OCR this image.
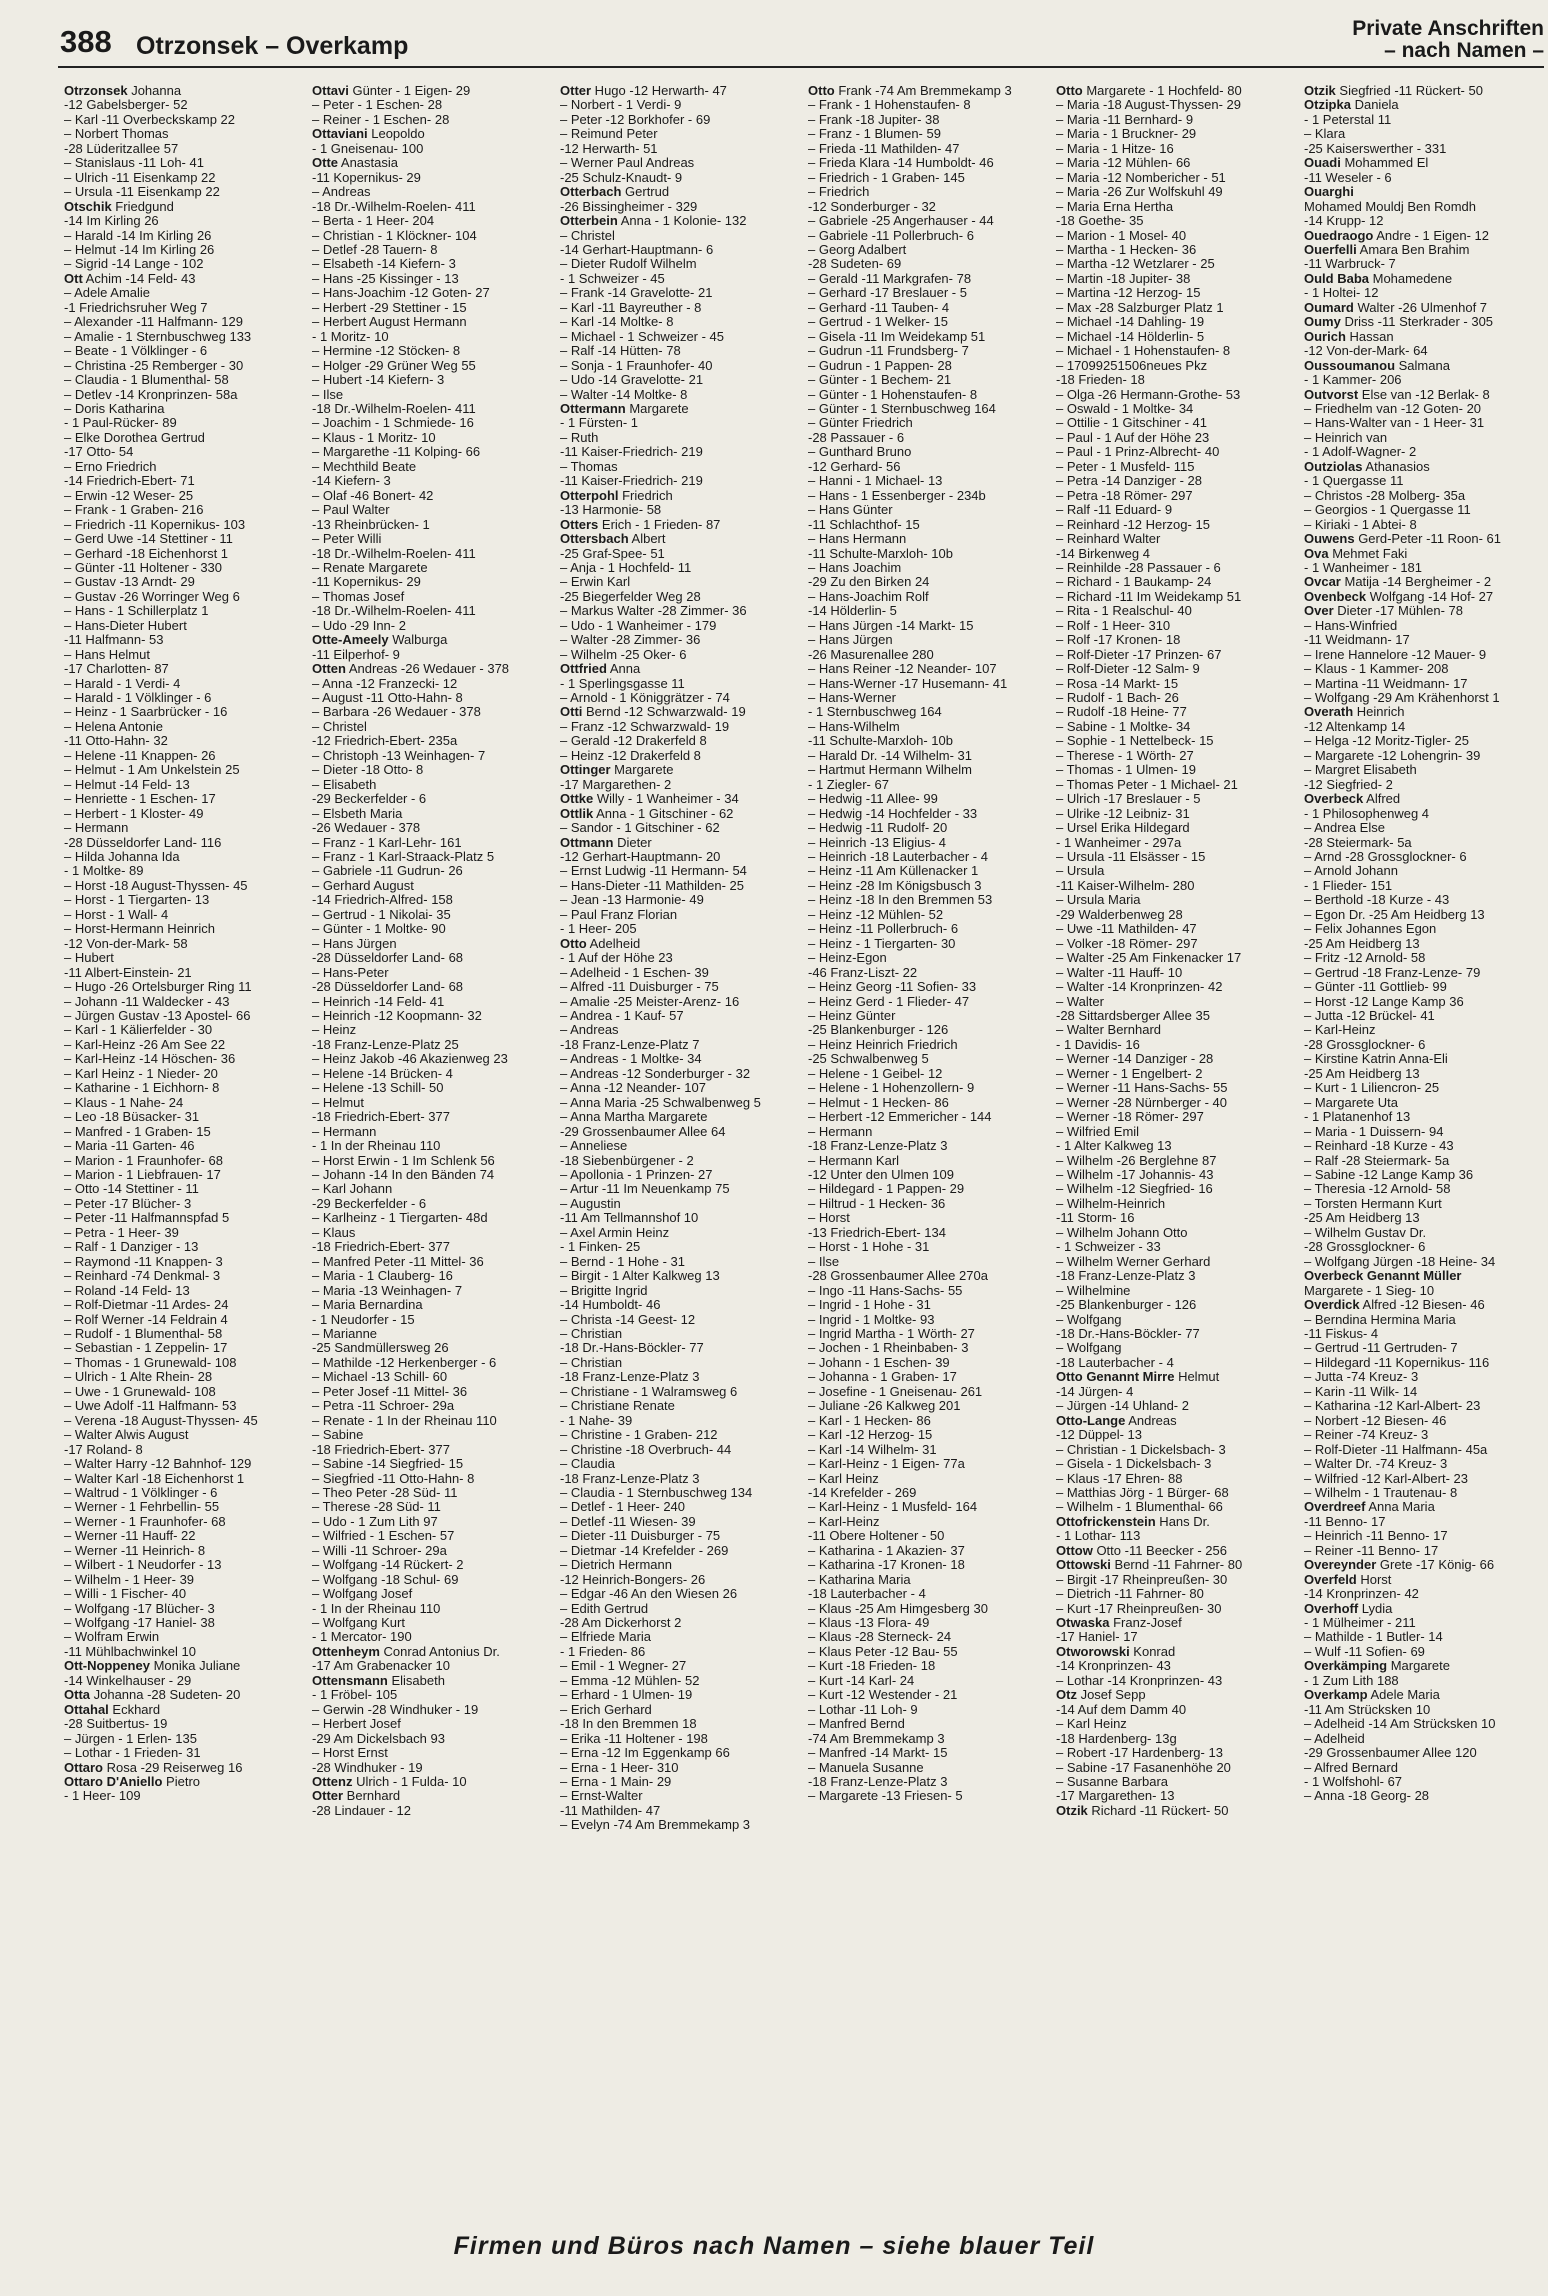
388 Otrzonsek – Overkamp
Private Anschriften
– nach Namen –
Otrzonsek Johanna
-12 Gabelsberger- 52
– Karl -11 Overbeckskamp 22
– Norbert Thomas
-28 Lüderitzallee 57
– Stanislaus -11 Loh- 41
– Ulrich -11 Eisenkamp 22
– Ursula -11 Eisenkamp 22
Otschik Friedgund
-14 Im Kirling 26
– Harald -14 Im Kirling 26
– Helmut -14 Im Kirling 26
– Sigrid -14 Lange - 102
Ott Achim -14 Feld- 43
– Adele Amalie
-1 Friedrichsruher Weg 7
– Alexander -11 Halfmann- 129
– Amalie - 1 Sternbuschweg 133
– Beate - 1 Völklinger - 6
– Christina -25 Remberger - 30
– Claudia - 1 Blumenthal- 58
– Detlev -14 Kronprinzen- 58a
– Doris Katharina
- 1 Paul-Rücker- 89
– Elke Dorothea Gertrud
-17 Otto- 54
– Erno Friedrich
-14 Friedrich-Ebert- 71
– Erwin -12 Weser- 25
– Frank - 1 Graben- 216
– Friedrich -11 Kopernikus- 103
– Gerd Uwe -14 Stettiner - 11
– Gerhard -18 Eichenhorst 1
– Günter -11 Holtener - 330
– Gustav -13 Arndt- 29
– Gustav -26 Worringer Weg 6
– Hans - 1 Schillerplatz 1
– Hans-Dieter Hubert
-11 Halfmann- 53
– Hans Helmut
-17 Charlotten- 87
– Harald - 1 Verdi- 4
– Harald - 1 Völklinger - 6
– Heinz - 1 Saarbrücker - 16
– Helena Antonie
-11 Otto-Hahn- 32
– Helene -11 Knappen- 26
– Helmut - 1 Am Unkelstein 25
– Helmut -14 Feld- 13
– Henriette - 1 Eschen- 17
– Herbert - 1 Kloster- 49
– Hermann
-28 Düsseldorfer Land- 116
– Hilda Johanna Ida
- 1 Moltke- 89
– Horst -18 August-Thyssen- 45
– Horst - 1 Tiergarten- 13
– Horst - 1 Wall- 4
– Horst-Hermann Heinrich
-12 Von-der-Mark- 58
– Hubert
-11 Albert-Einstein- 21
– Hugo -26 Ortelsburger Ring 11
– Johann -11 Waldecker - 43
– Jürgen Gustav -13 Apostel- 66
– Karl - 1 Kälierfelder - 30
– Karl-Heinz -26 Am See 22
– Karl-Heinz -14 Höschen- 36
– Karl Heinz - 1 Nieder- 20
– Katharine - 1 Eichhorn- 8
– Klaus - 1 Nahe- 24
– Leo -18 Büsacker- 31
– Manfred - 1 Graben- 15
– Maria -11 Garten- 46
– Marion - 1 Fraunhofer- 68
– Marion - 1 Liebfrauen- 17
– Otto -14 Stettiner - 11
– Peter -17 Blücher- 3
– Peter -11 Halfmannspfad 5
– Petra - 1 Heer- 39
– Ralf - 1 Danziger - 13
– Raymond -11 Knappen- 3
– Reinhard -74 Denkmal- 3
– Roland -14 Feld- 13
– Rolf-Dietmar -11 Ardes- 24
– Rolf Werner -14 Feldrain 4
– Rudolf - 1 Blumenthal- 58
– Sebastian - 1 Zeppelin- 17
– Thomas - 1 Grunewald- 108
– Ulrich - 1 Alte Rhein- 28
– Uwe - 1 Grunewald- 108
– Uwe Adolf -11 Halfmann- 53
– Verena -18 August-Thyssen- 45
– Walter Alwis August
-17 Roland- 8
– Walter Harry -12 Bahnhof- 129
– Walter Karl -18 Eichenhorst 1
– Waltrud - 1 Völklinger - 6
– Werner - 1 Fehrbellin- 55
– Werner - 1 Fraunhofer- 68
– Werner -11 Hauff- 22
– Werner -11 Heinrich- 8
– Wilbert - 1 Neudorfer - 13
– Wilhelm - 1 Heer- 39
– Willi - 1 Fischer- 40
– Wolfgang -17 Blücher- 3
– Wolfgang -17 Haniel- 38
– Wolfram Erwin
-11 Mühlbachwinkel 10
Ott-Noppeney Monika Juliane
-14 Winkelhauser - 29
Otta Johanna -28 Sudeten- 20
Ottahal Eckhard
-28 Suitbertus- 19
– Jürgen - 1 Erlen- 135
– Lothar - 1 Frieden- 31
Ottaro Rosa -29 Reiserweg 16
Ottaro D'Aniello Pietro
- 1 Heer- 109
Ottavi Günter - 1 Eigen- 29
– Peter - 1 Eschen- 28
– Reiner - 1 Eschen- 28
Ottaviani Leopoldo
- 1 Gneisenau- 100
Otte Anastasia
-11 Kopernikus- 29
– Andreas
-18 Dr.-Wilhelm-Roelen- 411
– Berta - 1 Heer- 204
– Christian - 1 Klöckner- 104
– Detlef -28 Tauern- 8
– Elsabeth -14 Kiefern- 3
– Hans -25 Kissinger - 13
– Hans-Joachim -12 Goten- 27
– Herbert -29 Stettiner - 15
– Herbert August Hermann
- 1 Moritz- 10
– Hermine -12 Stöcken- 8
– Holger -29 Grüner Weg 55
– Hubert -14 Kiefern- 3
– Ilse
-18 Dr.-Wilhelm-Roelen- 411
– Joachim - 1 Schmiede- 16
– Klaus - 1 Moritz- 10
– Margarethe -11 Kolping- 66
– Mechthild Beate
-14 Kiefern- 3
– Olaf -46 Bonert- 42
– Paul Walter
-13 Rheinbrücken- 1
– Peter Willi
-18 Dr.-Wilhelm-Roelen- 411
– Renate Margarete
-11 Kopernikus- 29
– Thomas Josef
-18 Dr.-Wilhelm-Roelen- 411
– Udo -29 Inn- 2
Otte-Ameely Walburga
-11 Eilperhof- 9
Otten Andreas -26 Wedauer - 378
– Anna -12 Franzecki- 12
– August -11 Otto-Hahn- 8
– Barbara -26 Wedauer - 378
– Christel
-12 Friedrich-Ebert- 235a
– Christoph -13 Weinhagen- 7
– Dieter -18 Otto- 8
– Elisabeth
-29 Beckerfelder - 6
– Elsbeth Maria
-26 Wedauer - 378
– Franz - 1 Karl-Lehr- 161
– Franz - 1 Karl-Straack-Platz 5
– Gabriele -11 Gudrun- 26
– Gerhard August
-14 Friedrich-Alfred- 158
– Gertrud - 1 Nikolai- 35
– Günter - 1 Moltke- 90
– Hans Jürgen
-28 Düsseldorfer Land- 68
– Hans-Peter
-28 Düsseldorfer Land- 68
– Heinrich -14 Feld- 41
– Heinrich -12 Koopmann- 32
– Heinz
-18 Franz-Lenze-Platz 25
– Heinz Jakob -46 Akazienweg 23
– Helene -14 Brücken- 4
– Helene -13 Schill- 50
– Helmut
-18 Friedrich-Ebert- 377
– Hermann
- 1 In der Rheinau 110
– Horst Erwin - 1 Im Schlenk 56
– Johann -14 In den Bänden 74
– Karl Johann
-29 Beckerfelder - 6
– Karlheinz - 1 Tiergarten- 48d
– Klaus
-18 Friedrich-Ebert- 377
– Manfred Peter -11 Mittel- 36
– Maria - 1 Clauberg- 16
– Maria -13 Weinhagen- 7
– Maria Bernardina
- 1 Neudorfer - 15
– Marianne
-25 Sandmüllersweg 26
– Mathilde -12 Herkenberger - 6
– Michael -13 Schill- 60
– Peter Josef -11 Mittel- 36
– Petra -11 Schroer- 29a
– Renate - 1 In der Rheinau 110
– Sabine
-18 Friedrich-Ebert- 377
– Sabine -14 Siegfried- 15
– Siegfried -11 Otto-Hahn- 8
– Theo Peter -28 Süd- 11
– Therese -28 Süd- 11
– Udo - 1 Zum Lith 97
– Wilfried - 1 Eschen- 57
– Willi -11 Schroer- 29a
– Wolfgang -14 Rückert- 2
– Wolfgang -18 Schul- 69
– Wolfgang Josef
- 1 In der Rheinau 110
– Wolfgang Kurt
- 1 Mercator- 190
Ottenheym Conrad Antonius Dr.
-17 Am Grabenacker 10
Ottensmann Elisabeth
- 1 Fröbel- 105
– Gerwin -28 Windhuker - 19
– Herbert Josef
-29 Am Dickelsbach 93
– Horst Ernst
-28 Windhuker - 19
Ottenz Ulrich - 1 Fulda- 10
Otter Bernhard
-28 Lindauer - 12
Otter Hugo -12 Herwarth- 47
– Norbert - 1 Verdi- 9
– Peter -12 Borkhofer - 69
– Reimund Peter
-12 Herwarth- 51
– Werner Paul Andreas
-25 Schulz-Knaudt- 9
Otterbach Gertrud
-26 Bissingheimer - 329
Otterbein Anna - 1 Kolonie- 132
– Christel
-14 Gerhart-Hauptmann- 6
– Dieter Rudolf Wilhelm
- 1 Schweizer - 45
– Frank -14 Gravelotte- 21
– Karl -11 Bayreuther - 8
– Karl -14 Moltke- 8
– Michael - 1 Schweizer - 45
– Ralf -14 Hütten- 78
– Sonja - 1 Fraunhofer- 40
– Udo -14 Gravelotte- 21
– Walter -14 Moltke- 8
Ottermann Margarete
- 1 Fürsten- 1
– Ruth
-11 Kaiser-Friedrich- 219
– Thomas
-11 Kaiser-Friedrich- 219
Otterpohl Friedrich
-13 Harmonie- 58
Otters Erich - 1 Frieden- 87
Ottersbach Albert
-25 Graf-Spee- 51
– Anja - 1 Hochfeld- 11
– Erwin Karl
-25 Biegerfelder Weg 28
– Markus Walter -28 Zimmer- 36
– Udo - 1 Wanheimer - 179
– Walter -28 Zimmer- 36
– Wilhelm -25 Oker- 6
Ottfried Anna
- 1 Sperlingsgasse 11
– Arnold - 1 Königgrätzer - 74
Otti Bernd -12 Schwarzwald- 19
– Franz -12 Schwarzwald- 19
– Gerald -12 Drakerfeld 8
– Heinz -12 Drakerfeld 8
Ottinger Margarete
-17 Margarethen- 2
Ottke Willy - 1 Wanheimer - 34
Ottlik Anna - 1 Gitschiner - 62
– Sandor - 1 Gitschiner - 62
Ottmann Dieter
-12 Gerhart-Hauptmann- 20
– Ernst Ludwig -11 Hermann- 54
– Hans-Dieter -11 Mathilden- 25
– Jean -13 Harmonie- 49
– Paul Franz Florian
- 1 Heer- 205
Otto Adelheid
- 1 Auf der Höhe 23
– Adelheid - 1 Eschen- 39
– Alfred -11 Duisburger - 75
– Amalie -25 Meister-Arenz- 16
– Andrea - 1 Kauf- 57
– Andreas
-18 Franz-Lenze-Platz 7
– Andreas - 1 Moltke- 34
– Andreas -12 Sonderburger - 32
– Anna -12 Neander- 107
– Anna Maria -25 Schwalbenweg 5
– Anna Martha Margarete
-29 Grossenbaumer Allee 64
– Anneliese
-18 Siebenbürgener - 2
– Apollonia - 1 Prinzen- 27
– Artur -11 Im Neuenkamp 75
– Augustin
-11 Am Tellmannshof 10
– Axel Armin Heinz
- 1 Finken- 25
– Bernd - 1 Hohe - 31
– Birgit - 1 Alter Kalkweg 13
– Brigitte Ingrid
-14 Humboldt- 46
– Christa -14 Geest- 12
– Christian
-18 Dr.-Hans-Böckler- 77
– Christian
-18 Franz-Lenze-Platz 3
– Christiane - 1 Walramsweg 6
– Christiane Renate
- 1 Nahe- 39
– Christine - 1 Graben- 212
– Christine -18 Overbruch- 44
– Claudia
-18 Franz-Lenze-Platz 3
– Claudia - 1 Sternbuschweg 134
– Detlef - 1 Heer- 240
– Detlef -11 Wiesen- 39
– Dieter -11 Duisburger - 75
– Dietmar -14 Krefelder - 269
– Dietrich Hermann
-12 Heinrich-Bongers- 26
– Edgar -46 An den Wiesen 26
– Edith Gertrud
-28 Am Dickerhorst 2
– Elfriede Maria
- 1 Frieden- 86
– Emil - 1 Wegner- 27
– Emma -12 Mühlen- 52
– Erhard - 1 Ulmen- 19
– Erich Gerhard
-18 In den Bremmen 18
– Erika -11 Holtener - 198
– Erna -12 Im Eggenkamp 66
– Erna - 1 Heer- 310
– Erna - 1 Main- 29
– Ernst-Walter
-11 Mathilden- 47
– Evelyn -74 Am Bremmekamp 3
Otto Frank -74 Am Bremmekamp 3
– Frank - 1 Hohenstaufen- 8
– Frank -18 Jupiter- 38
– Franz - 1 Blumen- 59
– Frieda -11 Mathilden- 47
– Frieda Klara -14 Humboldt- 46
– Friedrich - 1 Graben- 145
– Friedrich
-12 Sonderburger - 32
– Gabriele -25 Angerhauser - 44
– Gabriele -11 Pollerbruch- 6
– Georg Adalbert
-28 Sudeten- 69
– Gerald -11 Markgrafen- 78
– Gerhard -17 Breslauer - 5
– Gerhard -11 Tauben- 4
– Gertrud - 1 Welker- 15
– Gisela -11 Im Weidekamp 51
– Gudrun -11 Frundsberg- 7
– Gudrun - 1 Pappen- 28
– Günter - 1 Bechem- 21
– Günter - 1 Hohenstaufen- 8
– Günter - 1 Sternbuschweg 164
– Günter Friedrich
-28 Passauer - 6
– Gunthard Bruno
-12 Gerhard- 56
– Hanni - 1 Michael- 13
– Hans - 1 Essenberger - 234b
– Hans Günter
-11 Schlachthof- 15
– Hans Hermann
-11 Schulte-Marxloh- 10b
– Hans Joachim
-29 Zu den Birken 24
– Hans-Joachim Rolf
-14 Hölderlin- 5
– Hans Jürgen -14 Markt- 15
– Hans Jürgen
-26 Masurenallee 280
– Hans Reiner -12 Neander- 107
– Hans-Werner -17 Husemann- 41
– Hans-Werner
- 1 Sternbuschweg 164
– Hans-Wilhelm
-11 Schulte-Marxloh- 10b
– Harald Dr. -14 Wilhelm- 31
– Hartmut Hermann Wilhelm
- 1 Ziegler- 67
– Hedwig -11 Allee- 99
– Hedwig -14 Hochfelder - 33
– Hedwig -11 Rudolf- 20
– Heinrich -13 Eligius- 4
– Heinrich -18 Lauterbacher - 4
– Heinz -11 Am Küllenacker 1
– Heinz -28 Im Königsbusch 3
– Heinz -18 In den Bremmen 53
– Heinz -12 Mühlen- 52
– Heinz -11 Pollerbruch- 6
– Heinz - 1 Tiergarten- 30
– Heinz-Egon
-46 Franz-Liszt- 22
– Heinz Georg -11 Sofien- 33
– Heinz Gerd - 1 Flieder- 47
– Heinz Günter
-25 Blankenburger - 126
– Heinz Heinrich Friedrich
-25 Schwalbenweg 5
– Helene - 1 Geibel- 12
– Helene - 1 Hohenzollern- 9
– Helmut - 1 Hecken- 86
– Herbert -12 Emmericher - 144
– Hermann
-18 Franz-Lenze-Platz 3
– Hermann Karl
-12 Unter den Ulmen 109
– Hildegard - 1 Pappen- 29
– Hiltrud - 1 Hecken- 36
– Horst
-13 Friedrich-Ebert- 134
– Horst - 1 Hohe - 31
– Ilse
-28 Grossenbaumer Allee 270a
– Ingo -11 Hans-Sachs- 55
– Ingrid - 1 Hohe - 31
– Ingrid - 1 Moltke- 93
– Ingrid Martha - 1 Wörth- 27
– Jochen - 1 Rheinbaben- 3
– Johann - 1 Eschen- 39
– Johanna - 1 Graben- 17
– Josefine - 1 Gneisenau- 261
– Juliane -26 Kalkweg 201
– Karl - 1 Hecken- 86
– Karl -12 Herzog- 15
– Karl -14 Wilhelm- 31
– Karl-Heinz - 1 Eigen- 77a
– Karl Heinz
-14 Krefelder - 269
– Karl-Heinz - 1 Musfeld- 164
– Karl-Heinz
-11 Obere Holtener - 50
– Katharina - 1 Akazien- 37
– Katharina -17 Kronen- 18
– Katharina Maria
-18 Lauterbacher - 4
– Klaus -25 Am Himgesberg 30
– Klaus -13 Flora- 49
– Klaus -28 Sterneck- 24
– Klaus Peter -12 Bau- 55
– Kurt -18 Frieden- 18
– Kurt -14 Karl- 24
– Kurt -12 Westender - 21
– Lothar -11 Loh- 9
– Manfred Bernd
-74 Am Bremmekamp 3
– Manfred -14 Markt- 15
– Manuela Susanne
-18 Franz-Lenze-Platz 3
– Margarete -13 Friesen- 5
Otto Margarete - 1 Hochfeld- 80
– Maria -18 August-Thyssen- 29
– Maria -11 Bernhard- 9
– Maria - 1 Bruckner- 29
– Maria - 1 Hitze- 16
– Maria -12 Mühlen- 66
– Maria -12 Nombericher - 51
– Maria -26 Zur Wolfskuhl 49
– Maria Erna Hertha
-18 Goethe- 35
– Marion - 1 Mosel- 40
– Martha - 1 Hecken- 36
– Martha -12 Wetzlarer - 25
– Martin -18 Jupiter- 38
– Martina -12 Herzog- 15
– Max -28 Salzburger Platz 1
– Michael -14 Dahling- 19
– Michael -14 Hölderlin- 5
– Michael - 1 Hohenstaufen- 8
– 17099251506neues Pkz
-18 Frieden- 18
– Olga -26 Hermann-Grothe- 53
– Oswald - 1 Moltke- 34
– Ottilie - 1 Gitschiner - 41
– Paul - 1 Auf der Höhe 23
– Paul - 1 Prinz-Albrecht- 40
– Peter - 1 Musfeld- 115
– Petra -14 Danziger - 28
– Petra -18 Römer- 297
– Ralf -11 Eduard- 9
– Reinhard -12 Herzog- 15
– Reinhard Walter
-14 Birkenweg 4
– Reinhilde -28 Passauer - 6
– Richard - 1 Baukamp- 24
– Richard -11 Im Weidekamp 51
– Rita - 1 Realschul- 40
– Rolf - 1 Heer- 310
– Rolf -17 Kronen- 18
– Rolf-Dieter -17 Prinzen- 67
– Rolf-Dieter -12 Salm- 9
– Rosa -14 Markt- 15
– Rudolf - 1 Bach- 26
– Rudolf -18 Heine- 77
– Sabine - 1 Moltke- 34
– Sophie - 1 Nettelbeck- 15
– Therese - 1 Wörth- 27
– Thomas - 1 Ulmen- 19
– Thomas Peter - 1 Michael- 21
– Ulrich -17 Breslauer - 5
– Ulrike -12 Leibniz- 31
– Ursel Erika Hildegard
- 1 Wanheimer - 297a
– Ursula -11 Elsässer - 15
– Ursula
-11 Kaiser-Wilhelm- 280
– Ursula Maria
-29 Walderbenweg 28
– Uwe -11 Mathilden- 47
– Volker -18 Römer- 297
– Walter -25 Am Finkenacker 17
– Walter -11 Hauff- 10
– Walter -14 Kronprinzen- 42
– Walter
-28 Sittardsberger Allee 35
– Walter Bernhard
- 1 Davidis- 16
– Werner -14 Danziger - 28
– Werner - 1 Engelbert- 2
– Werner -11 Hans-Sachs- 55
– Werner -28 Nürnberger - 40
– Werner -18 Römer- 297
– Wilfried Emil
- 1 Alter Kalkweg 13
– Wilhelm -26 Berglehne 87
– Wilhelm -17 Johannis- 43
– Wilhelm -12 Siegfried- 16
– Wilhelm-Heinrich
-11 Storm- 16
– Wilhelm Johann Otto
- 1 Schweizer - 33
– Wilhelm Werner Gerhard
-18 Franz-Lenze-Platz 3
– Wilhelmine
-25 Blankenburger - 126
– Wolfgang
-18 Dr.-Hans-Böckler- 77
– Wolfgang
-18 Lauterbacher - 4
Otto Genannt Mirre Helmut
-14 Jürgen- 4
– Jürgen -14 Uhland- 2
Otto-Lange Andreas
-12 Düppel- 13
– Christian - 1 Dickelsbach- 3
– Gisela - 1 Dickelsbach- 3
– Klaus -17 Ehren- 88
– Matthias Jörg - 1 Bürger- 68
– Wilhelm - 1 Blumenthal- 66
Ottofrickenstein Hans Dr.
- 1 Lothar- 113
Ottow Otto -11 Beecker - 256
Ottowski Bernd -11 Fahrner- 80
– Birgit -17 Rheinpreußen- 30
– Dietrich -11 Fahrner- 80
– Kurt -17 Rheinpreußen- 30
Otwaska Franz-Josef
-17 Haniel- 17
Otworowski Konrad
-14 Kronprinzen- 43
– Lothar -14 Kronprinzen- 43
Otz Josef Sepp
-14 Auf dem Damm 40
– Karl Heinz
-18 Hardenberg- 13g
– Robert -17 Hardenberg- 13
– Sabine -17 Fasanenhöhe 20
– Susanne Barbara
-17 Margarethen- 13
Otzik Richard -11 Rückert- 50
Otzik Siegfried -11 Rückert- 50
Otzipka Daniela
- 1 Peterstal 11
– Klara
-25 Kaiserswerther - 331
Ouadi Mohammed El
-11 Weseler - 6
Ouarghi
Mohamed Mouldj Ben Romdh
-14 Krupp- 12
Ouedraogo Andre - 1 Eigen- 12
Ouerfelli Amara Ben Brahim
-11 Warbruck- 7
Ould Baba Mohamedene
- 1 Holtei- 12
Oumard Walter -26 Ulmenhof 7
Oumy Driss -11 Sterkrader - 305
Ourich Hassan
-12 Von-der-Mark- 64
Oussoumanou Salmana
- 1 Kammer- 206
Outvorst Else van -12 Berlak- 8
– Friedhelm van -12 Goten- 20
– Hans-Walter van - 1 Heer- 31
– Heinrich van
- 1 Adolf-Wagner- 2
Outziolas Athanasios
- 1 Quergasse 11
– Christos -28 Molberg- 35a
– Georgios - 1 Quergasse 11
– Kiriaki - 1 Abtei- 8
Ouwens Gerd-Peter -11 Roon- 61
Ova Mehmet Faki
- 1 Wanheimer - 181
Ovcar Matija -14 Bergheimer - 2
Ovenbeck Wolfgang -14 Hof- 27
Over Dieter -17 Mühlen- 78
– Hans-Winfried
-11 Weidmann- 17
– Irene Hannelore -12 Mauer- 9
– Klaus - 1 Kammer- 208
– Martina -11 Weidmann- 17
– Wolfgang -29 Am Krähenhorst 1
Overath Heinrich
-12 Altenkamp 14
– Helga -12 Moritz-Tigler- 25
– Margarete -12 Lohengrin- 39
– Margret Elisabeth
-12 Siegfried- 2
Overbeck Alfred
- 1 Philosophenweg 4
– Andrea Else
-28 Steiermark- 5a
– Arnd -28 Grossglockner- 6
– Arnold Johann
- 1 Flieder- 151
– Berthold -18 Kurze - 43
– Egon Dr. -25 Am Heidberg 13
– Felix Johannes Egon
-25 Am Heidberg 13
– Fritz -12 Arnold- 58
– Gertrud -18 Franz-Lenze- 79
– Günter -11 Gottlieb- 99
– Horst -12 Lange Kamp 36
– Jutta -12 Brückel- 41
– Karl-Heinz
-28 Grossglockner- 6
– Kirstine Katrin Anna-Eli
-25 Am Heidberg 13
– Kurt - 1 Liliencron- 25
– Margarete Uta
- 1 Platanenhof 13
– Maria - 1 Duissern- 94
– Reinhard -18 Kurze - 43
– Ralf -28 Steiermark- 5a
– Sabine -12 Lange Kamp 36
– Theresia -12 Arnold- 58
– Torsten Hermann Kurt
-25 Am Heidberg 13
– Wilhelm Gustav Dr.
-28 Grossglockner- 6
– Wolfgang Jürgen -18 Heine- 34
Overbeck Genannt Müller
Margarete - 1 Sieg- 10
Overdick Alfred -12 Biesen- 46
– Berndina Hermina Maria
-11 Fiskus- 4
– Gertrud -11 Gertruden- 7
– Hildegard -11 Kopernikus- 116
– Jutta -74 Kreuz- 3
– Karin -11 Wilk- 14
– Katharina -12 Karl-Albert- 23
– Norbert -12 Biesen- 46
– Reiner -74 Kreuz- 3
– Rolf-Dieter -11 Halfmann- 45a
– Walter Dr. -74 Kreuz- 3
– Wilfried -12 Karl-Albert- 23
– Wilhelm - 1 Trautenau- 8
Overdreef Anna Maria
-11 Benno- 17
– Heinrich -11 Benno- 17
– Reiner -11 Benno- 17
Overeynder Grete -17 König- 66
Overfeld Horst
-14 Kronprinzen- 42
Overhoff Lydia
- 1 Mülheimer - 211
– Mathilde - 1 Butler- 14
– Wulf -11 Sofien- 69
Overkämping Margarete
- 1 Zum Lith 188
Overkamp Adele Maria
-11 Am Strücksken 10
– Adelheid -14 Am Strücksken 10
– Adelheid
-29 Grossenbaumer Allee 120
– Alfred Bernard
- 1 Wolfshohl- 67
– Anna -18 Georg- 28
Firmen und Büros nach Namen – siehe blauer Teil
